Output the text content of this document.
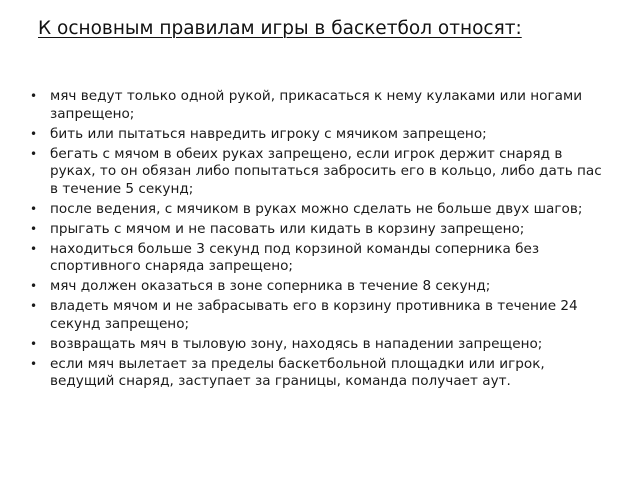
К основным правилам игры в баскетбол относят:
• мяч ведут только одной рукой, прикасаться к нему кулаками или ногами запрещено;
• бить или пытаться навредить игроку с мячиком запрещено;
• бегать с мячом в обеих руках запрещено, если игрок держит снаряд в руках, то он обязан либо попытаться забросить его в кольцо, либо дать пас в течение 5 секунд;
• после ведения, с мячиком в руках можно сделать не больше двух шагов;
• прыгать с мячом и не пасовать или кидать в корзину запрещено;
• находиться больше 3 секунд под корзиной команды соперника без спортивного снаряда запрещено;
• мяч должен оказаться в зоне соперника в течение 8 секунд;
• владеть мячом и не забрасывать его в корзину противника в течение 24 секунд запрещено;
• возвращать мяч в тыловую зону, находясь в нападении запрещено;
• если мяч вылетает за пределы баскетбольной площадки или игрок, ведущий снаряд, заступает за границы, команда получает аут.
